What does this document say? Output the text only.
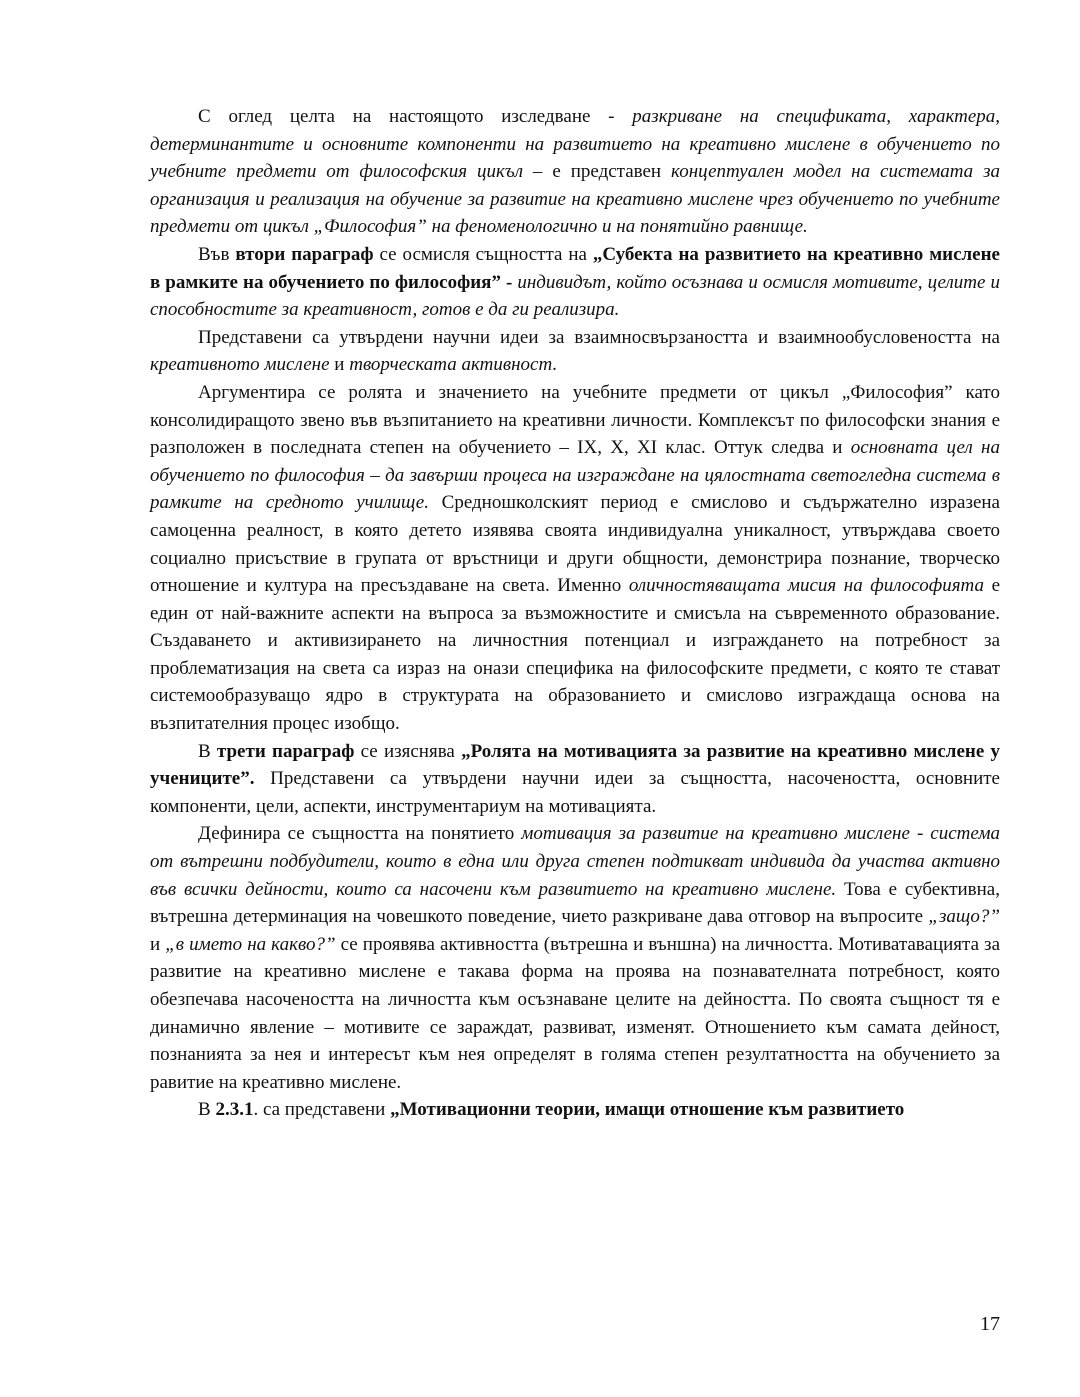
С оглед целта на настоящото изследване - разкриване на спецификата, характера, детерминантите и основните компоненти на развитието на креативно мислене в обучението по учебните предмети от философския цикъл – е представен концептуален модел на системата за организация и реализация на обучение за развитие на креативно мислене чрез обучението по учебните предмети от цикъл „Философия” на феноменологично и на понятийно равнище.

Във втори параграф се осмисля същността на „Субекта на развитието на креативно мислене в рамките на обучението по философия” - индивидът, който осъзнава и осмисля мотивите, целите и способностите за креативност, готов е да ги реализира.

Представени са утвърдени научни идеи за взаимносвързаността и взаимнообусловеността на креативното мислене и творческата активност.

Аргументира се ролята и значението на учебните предмети от цикъл „Философия” като консолидиращото звено във възпитанието на креативни личности. Комплексът по философски знания е разположен в последната степен на обучението – IX, X, XI клас. Оттук следва и основната цел на обучението по философия – да завърши процеса на изграждане на цялостната светогледна система в рамките на средното училище. Средношколският период е смислово и съдържателно изразена самоценна реалност, в която детето изявява своята индивидуална уникалност, утвърждава своето социално присъствие в групата от връстници и други общности, демонстрира познание, творческо отношение и култура на пресъздаване на света. Именно оличностяващата мисия на философията е един от най-важните аспекти на въпроса за възможностите и смисъла на съвременното образование. Създаването и активизирането на личностния потенциал и изграждането на потребност за проблематизация на света са израз на онази специфика на философските предмети, с която те стават системообразуващо ядро в структурата на образованието и смислово изграждаща основа на възпитателния процес изобщо.

В трети параграф се изяснява „Ролята на мотивацията за развитие на креативно мислене у учениците”. Представени са утвърдени научни идеи за същността, насочеността, основните компоненти, цели, аспекти, инструментариум на мотивацията.

Дефинира се същността на понятието мотивация за развитие на креативно мислене - система от вътрешни подбудители, които в една или друга степен подтикват индивида да участва активно във всички дейности, които са насочени към развитието на креативно мислене. Това е субективна, вътрешна детерминация на човешкото поведение, чието разкриване дава отговор на въпросите „защо?” и „в името на какво?” се проявява активността (вътрешна и външна) на личността. Мотиватавацията за развитие на креативно мислене е такава форма на проява на познавателната потребност, която обезпечава насочеността на личността към осъзнаване целите на дейността. По своята същност тя е динамично явление – мотивите се зараждат, развиват, изменят. Отношението към самата дейност, познанията за нея и интересът към нея определят в голяма степен резултатността на обучението за равитие на креативно мислене.

В 2.3.1. са представени „Мотивационни теории, имащи отношение към развитието

17
